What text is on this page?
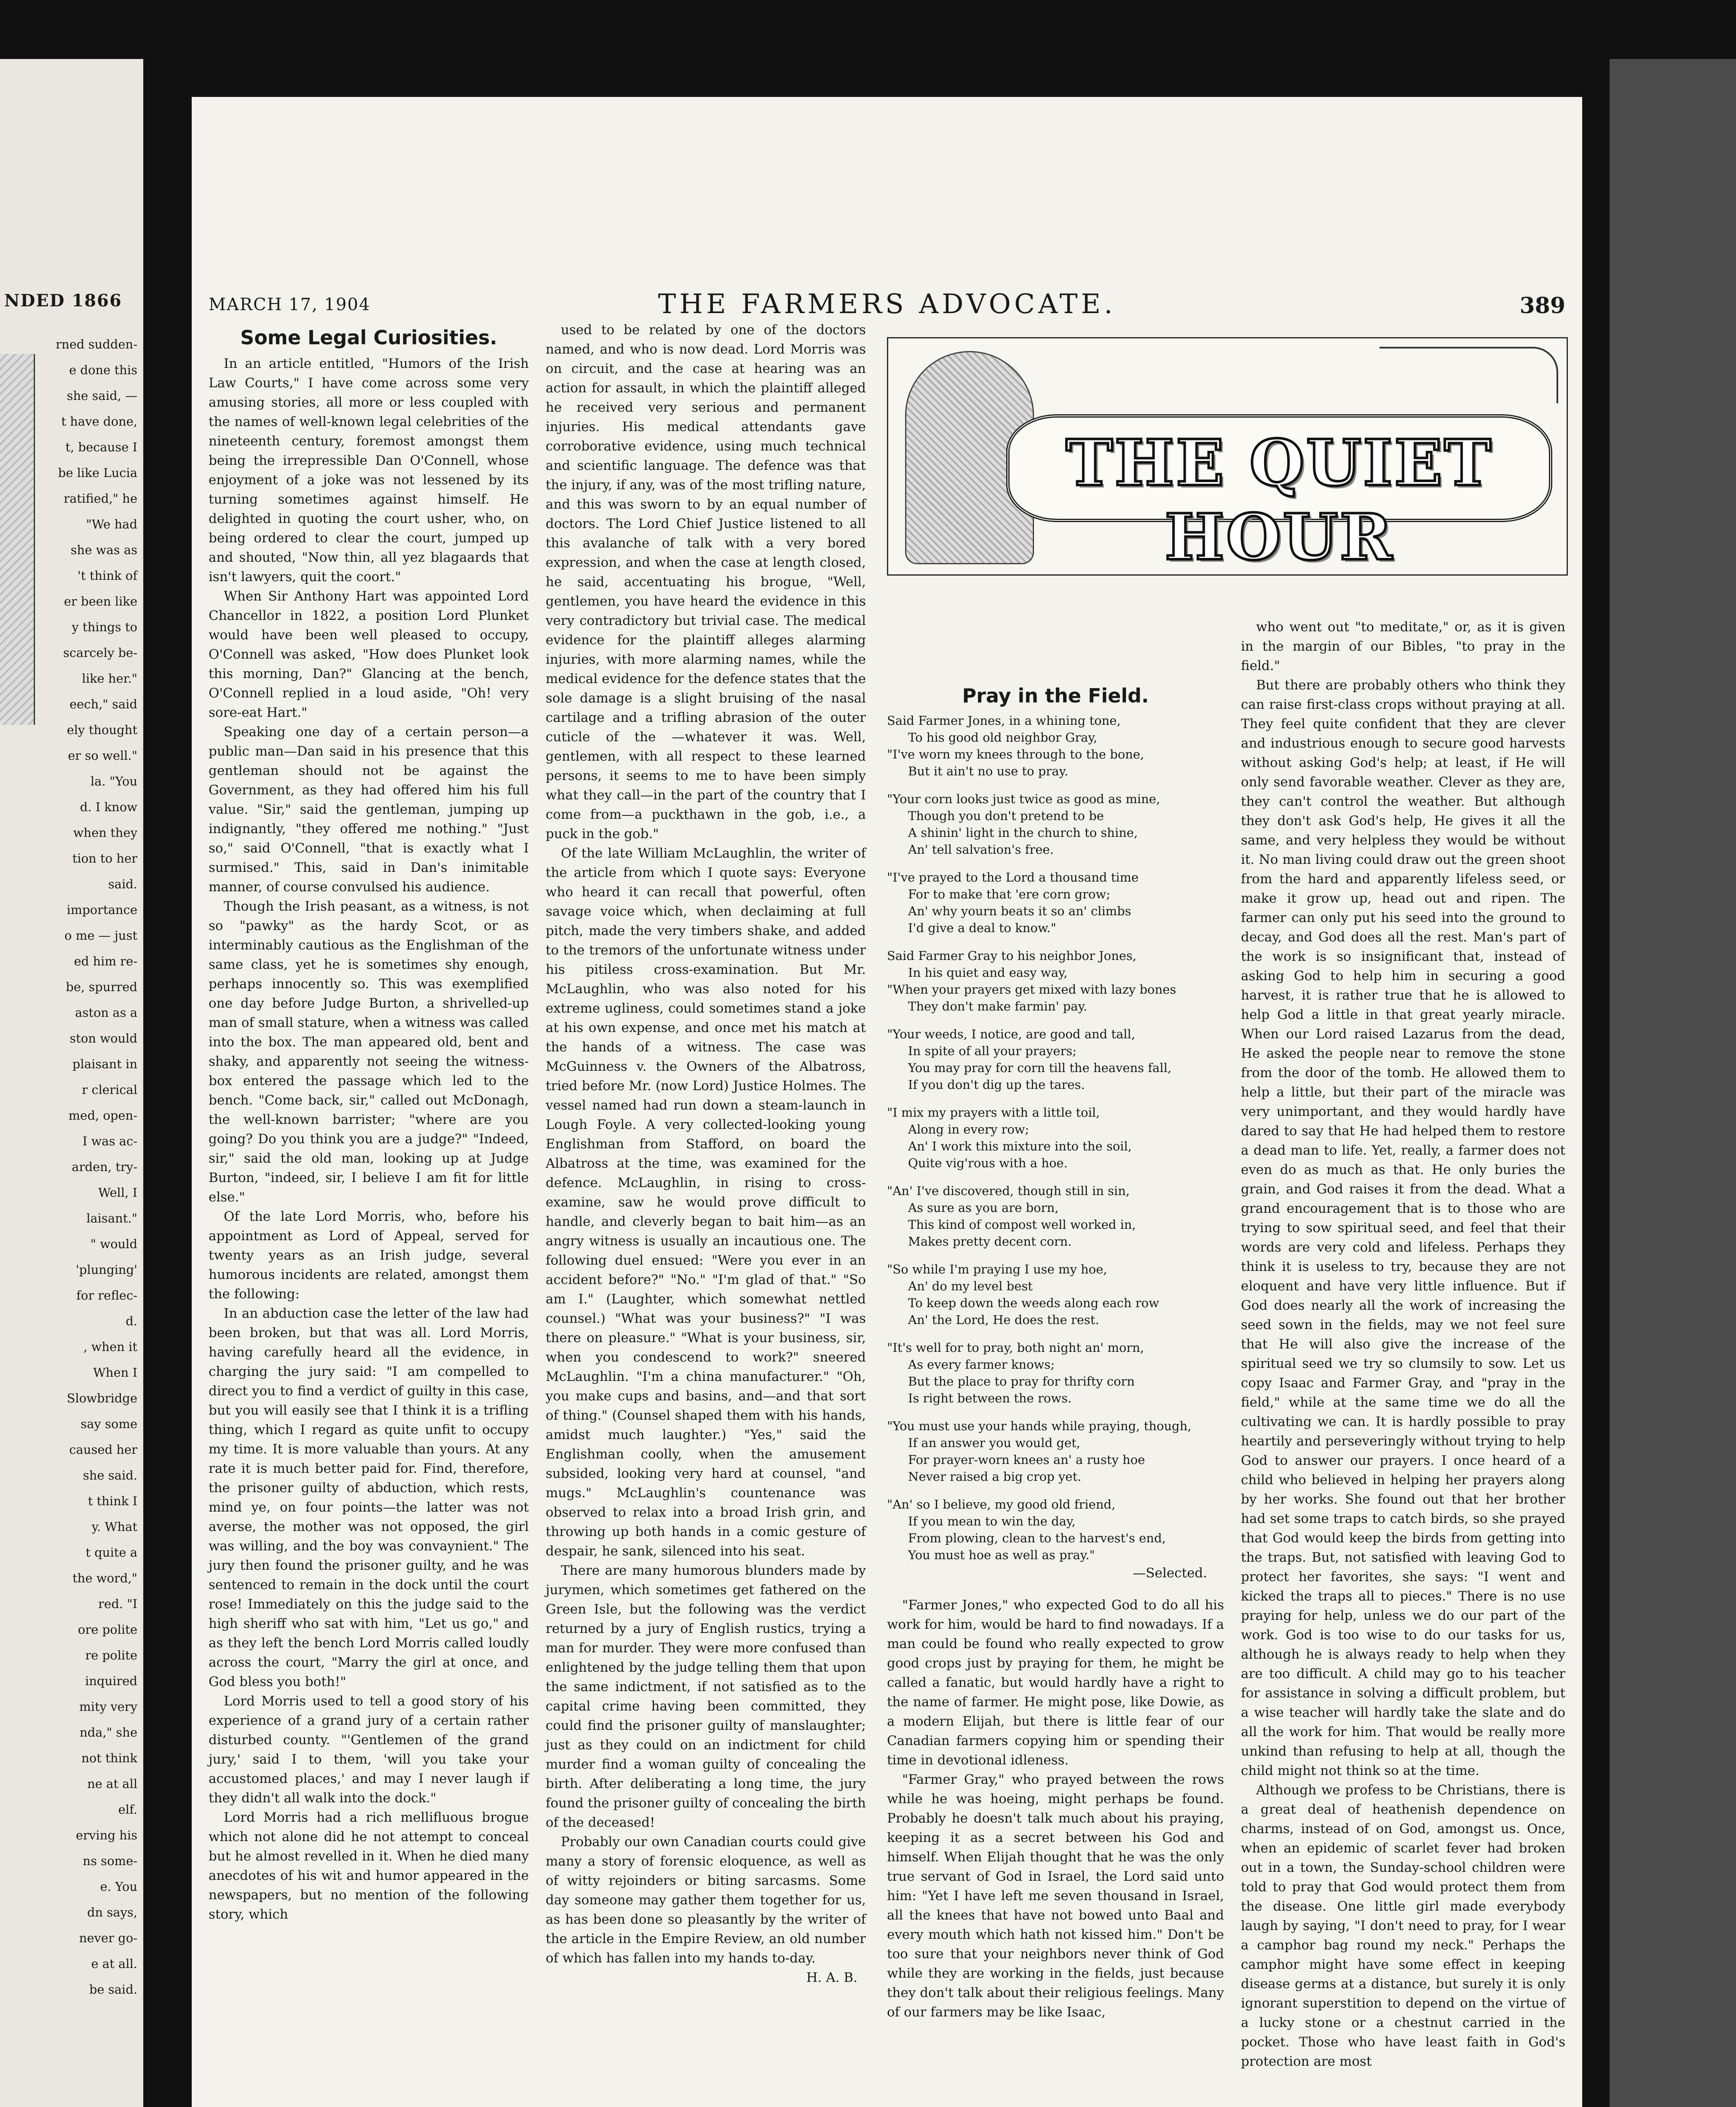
NDED 1866
rned sudden-
e done this
she said, —
t have done,
t, because I
be like Lucia
ratified," he
"We had
she was as
't think of
er been like
y things to
scarcely be-
like her."
eech," said
ely thought
er so well."
la. "You
d. I know
when they
tion to her
said.
importance
o me — just
ed him re-
be, spurred
aston as a
ston would
plaisant in
r clerical
med, open-
I was ac-
arden, try-
Well, I
laisant."
" would
'plunging'
for reflec-
d.
, when it
When I
Slowbridge
say some
caused her
she said.
t think I
y. What
t quite a
the word,"
red. "I
ore polite
re polite
inquired
mity very
nda," she
not think
ne at all
elf.
erving his
ns some-
e. You
dn says,
never go-
e at all.
be said.
MARCH 17, 1904	THE FARMERS ADVOCATE.	389
Some Legal Curiosities.

In an article entitled, "Humors of the Irish Law Courts," I have come across some very amusing stories, all more or less coupled with the names of well-known legal celebrities of the nineteenth century, foremost amongst them being the irrepressible Dan O'Connell, whose enjoyment of a joke was not lessened by its turning sometimes against himself. He delighted in quoting the court usher, who, on being ordered to clear the court, jumped up and shouted, "Now thin, all yez blagaards that isn't lawyers, quit the coort."

When Sir Anthony Hart was appointed Lord Chancellor in 1822, a position Lord Plunket would have been well pleased to occupy, O'Connell was asked, "How does Plunket look this morning, Dan?" Glancing at the bench, O'Connell replied in a loud aside, "Oh! very sore-eat Hart."

Speaking one day of a certain person—a public man—Dan said in his presence that this gentleman should not be against the Government, as they had offered him his full value. "Sir," said the gentleman, jumping up indignantly, "they offered me nothing." "Just so," said O'Connell, "that is exactly what I surmised." This, said in Dan's inimitable manner, of course convulsed his audience.

Though the Irish peasant, as a witness, is not so "pawky" as the hardy Scot, or as interminably cautious as the Englishman of the same class, yet he is sometimes shy enough, perhaps innocently so. This was exemplified one day before Judge Burton, a shrivelled-up man of small stature, when a witness was called into the box. The man appeared old, bent and shaky, and apparently not seeing the witness-box entered the passage which led to the bench. "Come back, sir," called out McDonagh, the well-known barrister; "where are you going? Do you think you are a judge?" "Indeed, sir," said the old man, looking up at Judge Burton, "indeed, sir, I believe I am fit for little else."

Of the late Lord Morris, who, before his appointment as Lord of Appeal, served for twenty years as an Irish judge, several humorous incidents are related, amongst them the following:

In an abduction case the letter of the law had been broken, but that was all. Lord Morris, having carefully heard all the evidence, in charging the jury said: "I am compelled to direct you to find a verdict of guilty in this case, but you will easily see that I think it is a trifling thing, which I regard as quite unfit to occupy my time. It is more valuable than yours. At any rate it is much better paid for. Find, therefore, the prisoner guilty of abduction, which rests, mind ye, on four points—the latter was not averse, the mother was not opposed, the girl was willing, and the boy was convaynient." The jury then found the prisoner guilty, and he was sentenced to remain in the dock until the court rose! Immediately on this the judge said to the high sheriff who sat with him, "Let us go," and as they left the bench Lord Morris called loudly across the court, "Marry the girl at once, and God bless you both!"

Lord Morris used to tell a good story of his experience of a grand jury of a certain rather disturbed county. "'Gentlemen of the grand jury,' said I to them, 'will you take your accustomed places,' and may I never laugh if they didn't all walk into the dock."

Lord Morris had a rich mellifluous brogue which not alone did he not attempt to conceal but he almost revelled in it. When he died many anecdotes of his wit and humor appeared in the newspapers, but no mention of the following story, which

used to be related by one of the doctors named, and who is now dead. Lord Morris was on circuit, and the case at hearing was an action for assault, in which the plaintiff alleged he received very serious and permanent injuries. His medical attendants gave corroborative evidence, using much technical and scientific language. The defence was that the injury, if any, was of the most trifling nature, and this was sworn to by an equal number of doctors. The Lord Chief Justice listened to all this avalanche of talk with a very bored expression, and when the case at length closed, he said, accentuating his brogue, "Well, gentlemen, you have heard the evidence in this very contradictory but trivial case. The medical evidence for the plaintiff alleges alarming injuries, with more alarming names, while the medical evidence for the defence states that the sole damage is a slight bruising of the nasal cartilage and a trifling abrasion of the outer cuticle of the —whatever it was. Well, gentlemen, with all respect to these learned persons, it seems to me to have been simply what they call—in the part of the country that I come from—a puckthawn in the gob, i.e., a puck in the gob."

Of the late William McLaughlin, the writer of the article from which I quote says: Everyone who heard it can recall that powerful, often savage voice which, when declaiming at full pitch, made the very timbers shake, and added to the tremors of the unfortunate witness under his pitiless cross-examination. But Mr. McLaughlin, who was also noted for his extreme ugliness, could sometimes stand a joke at his own expense, and once met his match at the hands of a witness. The case was McGuinness v. the Owners of the Albatross, tried before Mr. (now Lord) Justice Holmes. The vessel named had run down a steam-launch in Lough Foyle. A very collected-looking young Englishman from Stafford, on board the Albatross at the time, was examined for the defence. McLaughlin, in rising to cross-examine, saw he would prove difficult to handle, and cleverly began to bait him—as an angry witness is usually an incautious one. The following duel ensued: "Were you ever in an accident before?" "No." "I'm glad of that." "So am I." (Laughter, which somewhat nettled counsel.) "What was your business?" "I was there on pleasure." "What is your business, sir, when you condescend to work?" sneered McLaughlin. "I'm a china manufacturer." "Oh, you make cups and basins, and—and that sort of thing." (Counsel shaped them with his hands, amidst much laughter.) "Yes," said the Englishman coolly, when the amusement subsided, looking very hard at counsel, "and mugs." McLaughlin's countenance was observed to relax into a broad Irish grin, and throwing up both hands in a comic gesture of despair, he sank, silenced into his seat.

There are many humorous blunders made by jurymen, which sometimes get fathered on the Green Isle, but the following was the verdict returned by a jury of English rustics, trying a man for murder. They were more confused than enlightened by the judge telling them that upon the same indictment, if not satisfied as to the capital crime having been committed, they could find the prisoner guilty of manslaughter; just as they could on an indictment for child murder find a woman guilty of concealing the birth. After deliberating a long time, the jury found the prisoner guilty of concealing the birth of the deceased!

Probably our own Canadian courts could give many a story of forensic eloquence, as well as of witty rejoinders or biting sarcasms. Some day someone may gather them together for us, as has been done so pleasantly by the writer of the article in the Empire Review, an old number of which has fallen into my hands to-day.

H. A. B.
THE QUIET HOUR
Pray in the Field.
Said Farmer Jones, in a whining tone,
To his good old neighbor Gray,
"I've worn my knees through to the bone,
But it ain't no use to pray.
"Your corn looks just twice as good as mine,
Though you don't pretend to be
A shinin' light in the church to shine,
An' tell salvation's free.
"I've prayed to the Lord a thousand time
For to make that 'ere corn grow;
An' why yourn beats it so an' climbs
I'd give a deal to know."
Said Farmer Gray to his neighbor Jones,
In his quiet and easy way,
"When your prayers get mixed with lazy bones
They don't make farmin' pay.
"Your weeds, I notice, are good and tall,
In spite of all your prayers;
You may pray for corn till the heavens fall,
If you don't dig up the tares.
"I mix my prayers with a little toil,
Along in every row;
An' I work this mixture into the soil,
Quite vig'rous with a hoe.
"An' I've discovered, though still in sin,
As sure as you are born,
This kind of compost well worked in,
Makes pretty decent corn.
"So while I'm praying I use my hoe,
An' do my level best
To keep down the weeds along each row
An' the Lord, He does the rest.
"It's well for to pray, both night an' morn,
As every farmer knows;
But the place to pray for thrifty corn
Is right between the rows.
"You must use your hands while praying, though,
If an answer you would get,
For prayer-worn knees an' a rusty hoe
Never raised a big crop yet.
"An' so I believe, my good old friend,
If you mean to win the day,
From plowing, clean to the harvest's end,
You must hoe as well as pray."
—Selected.

"Farmer Jones," who expected God to do all his work for him, would be hard to find nowadays. If a man could be found who really expected to grow good crops just by praying for them, he might be called a fanatic, but would hardly have a right to the name of farmer. He might pose, like Dowie, as a modern Elijah, but there is little fear of our Canadian farmers copying him or spending their time in devotional idleness.

"Farmer Gray," who prayed between the rows while he was hoeing, might perhaps be found. Probably he doesn't talk much about his praying, keeping it as a secret between his God and himself. When Elijah thought that he was the only true servant of God in Israel, the Lord said unto him: "Yet I have left me seven thousand in Israel, all the knees that have not bowed unto Baal and every mouth which hath not kissed him." Don't be too sure that your neighbors never think of God while they are working in the fields, just because they don't talk about their religious feelings. Many of our farmers may be like Isaac,

who went out "to meditate," or, as it is given in the margin of our Bibles, "to pray in the field."

But there are probably others who think they can raise first-class crops without praying at all. They feel quite confident that they are clever and industrious enough to secure good harvests without asking God's help; at least, if He will only send favorable weather. Clever as they are, they can't control the weather. But although they don't ask God's help, He gives it all the same, and very helpless they would be without it. No man living could draw out the green shoot from the hard and apparently lifeless seed, or make it grow up, head out and ripen. The farmer can only put his seed into the ground to decay, and God does all the rest. Man's part of the work is so insignificant that, instead of asking God to help him in securing a good harvest, it is rather true that he is allowed to help God a little in that great yearly miracle. When our Lord raised Lazarus from the dead, He asked the people near to remove the stone from the door of the tomb. He allowed them to help a little, but their part of the miracle was very unimportant, and they would hardly have dared to say that He had helped them to restore a dead man to life. Yet, really, a farmer does not even do as much as that. He only buries the grain, and God raises it from the dead. What a grand encouragement that is to those who are trying to sow spiritual seed, and feel that their words are very cold and lifeless. Perhaps they think it is useless to try, because they are not eloquent and have very little influence. But if God does nearly all the work of increasing the seed sown in the fields, may we not feel sure that He will also give the increase of the spiritual seed we try so clumsily to sow. Let us copy Isaac and Farmer Gray, and "pray in the field," while at the same time we do all the cultivating we can. It is hardly possible to pray heartily and perseveringly without trying to help God to answer our prayers. I once heard of a child who believed in helping her prayers along by her works. She found out that her brother had set some traps to catch birds, so she prayed that God would keep the birds from getting into the traps. But, not satisfied with leaving God to protect her favorites, she says: "I went and kicked the traps all to pieces." There is no use praying for help, unless we do our part of the work. God is too wise to do our tasks for us, although he is always ready to help when they are too difficult. A child may go to his teacher for assistance in solving a difficult problem, but a wise teacher will hardly take the slate and do all the work for him. That would be really more unkind than refusing to help at all, though the child might not think so at the time.

Although we profess to be Christians, there is a great deal of heathenish dependence on charms, instead of on God, amongst us. Once, when an epidemic of scarlet fever had broken out in a town, the Sunday-school children were told to pray that God would protect them from the disease. One little girl made everybody laugh by saying, "I don't need to pray, for I wear a camphor bag round my neck." Perhaps the camphor might have some effect in keeping disease germs at a distance, but surely it is only ignorant superstition to depend on the virtue of a lucky stone or a chestnut carried in the pocket. Those who have least faith in God's protection are most
